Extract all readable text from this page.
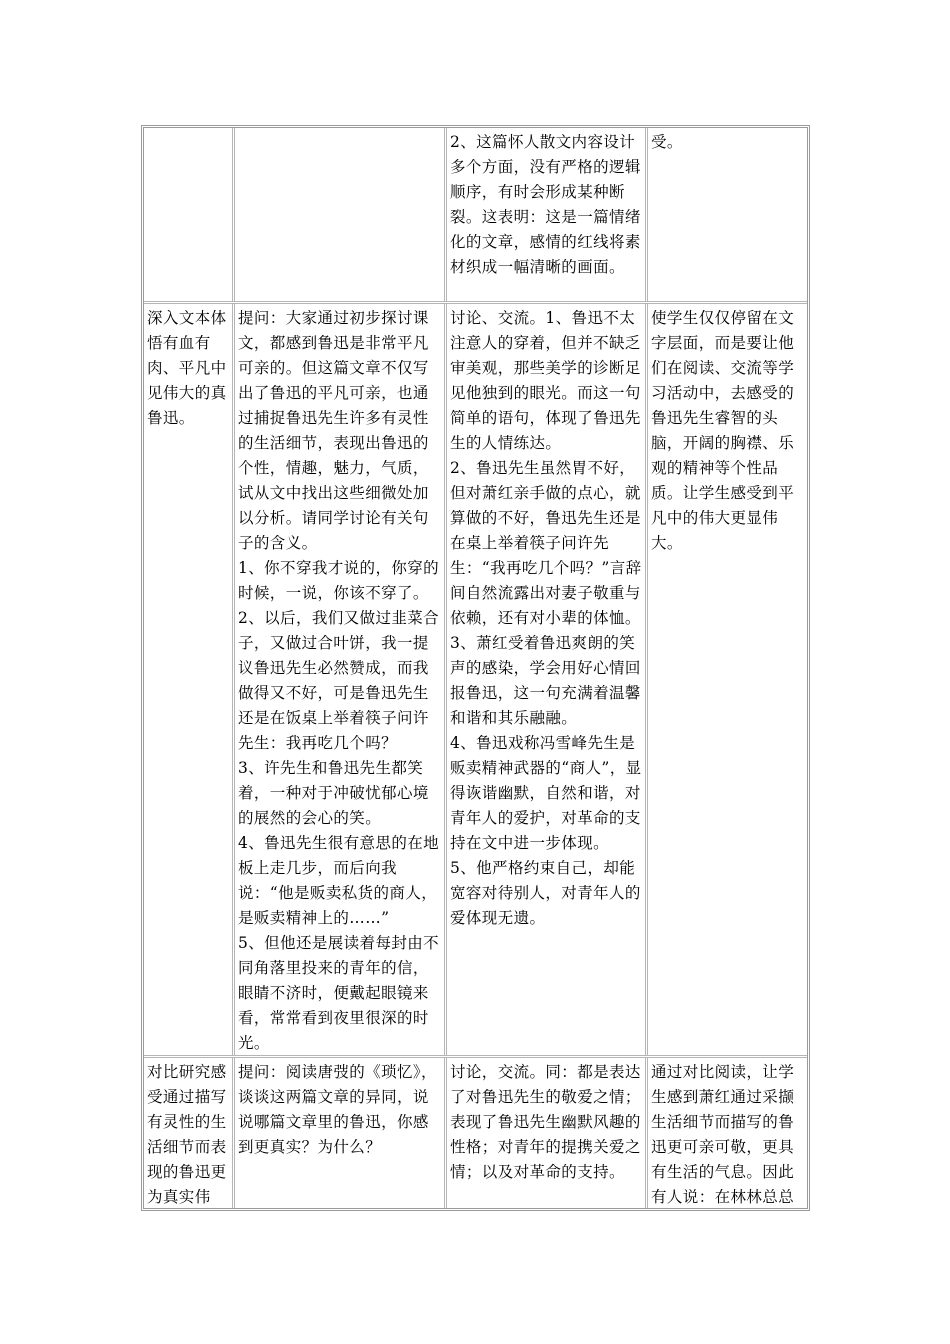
2、这篇怀人散文内容设计多个方面，没有严格的逻辑顺序，有时会形成某种断裂。这表明：这是一篇情绪化的文章，感情的红线将素材织成一幅清晰的画面。
受。
深入文本体悟有血有肉、平凡中见伟大的真鲁迅。
提问：大家通过初步探讨课文，都感到鲁迅是非常平凡可亲的。但这篇文章不仅写出了鲁迅的平凡可亲，也通过捕捉鲁迅先生许多有灵性的生活细节，表现出鲁迅的个性，情趣，魅力，气质，试从文中找出这些细微处加以分析。请同学讨论有关句子的含义。
1、你不穿我才说的，你穿的时候，一说，你该不穿了。
2、以后，我们又做过韭菜合子，又做过合叶饼，我一提议鲁迅先生必然赞成，而我做得又不好，可是鲁迅先生还是在饭桌上举着筷子问许先生：我再吃几个吗？
3、许先生和鲁迅先生都笑着，一种对于冲破忧郁心境的展然的会心的笑。
4、鲁迅先生很有意思的在地板上走几步，而后向我说：“他是贩卖私货的商人，是贩卖精神上的……”
5、但他还是展读着每封由不同角落里投来的青年的信，眼睛不济时，便戴起眼镜来看，常常看到夜里很深的时光。
讨论、交流。1、鲁迅不太注意人的穿着，但并不缺乏审美观，那些美学的诊断足见他独到的眼光。而这一句简单的语句，体现了鲁迅先生的人情练达。
2、鲁迅先生虽然胃不好，但对萧红亲手做的点心，就算做的不好，鲁迅先生还是在桌上举着筷子问许先生：“我再吃几个吗？”言辞间自然流露出对妻子敬重与依赖，还有对小辈的体恤。
3、萧红受着鲁迅爽朗的笑声的感染，学会用好心情回报鲁迅，这一句充满着温馨和谐和其乐融融。
4、鲁迅戏称冯雪峰先生是贩卖精神武器的“商人”，显得诙谐幽默，自然和谐，对青年人的爱护，对革命的支持在文中进一步体现。
5、他严格约束自己，却能宽容对待别人，对青年人的爱体现无遗。
使学生仅仅停留在文字层面，而是要让他们在阅读、交流等学习活动中，去感受的鲁迅先生睿智的头脑，开阔的胸襟、乐观的精神等个性品质。让学生感受到平凡中的伟大更显伟大。
对比研究感受通过描写有灵性的生活细节而表现的鲁迅更为真实伟
提问：阅读唐弢的《琐忆》，谈谈这两篇文章的异同，说说哪篇文章里的鲁迅，你感到更真实？为什么？
讨论，交流。同：都是表达了对鲁迅先生的敬爱之情；表现了鲁迅先生幽默风趣的性格；对青年的提携关爱之情；以及对革命的支持。
通过对比阅读，让学生感到萧红通过采撷生活细节而描写的鲁迅更可亲可敬，更具有生活的气息。因此有人说：在林林总总
